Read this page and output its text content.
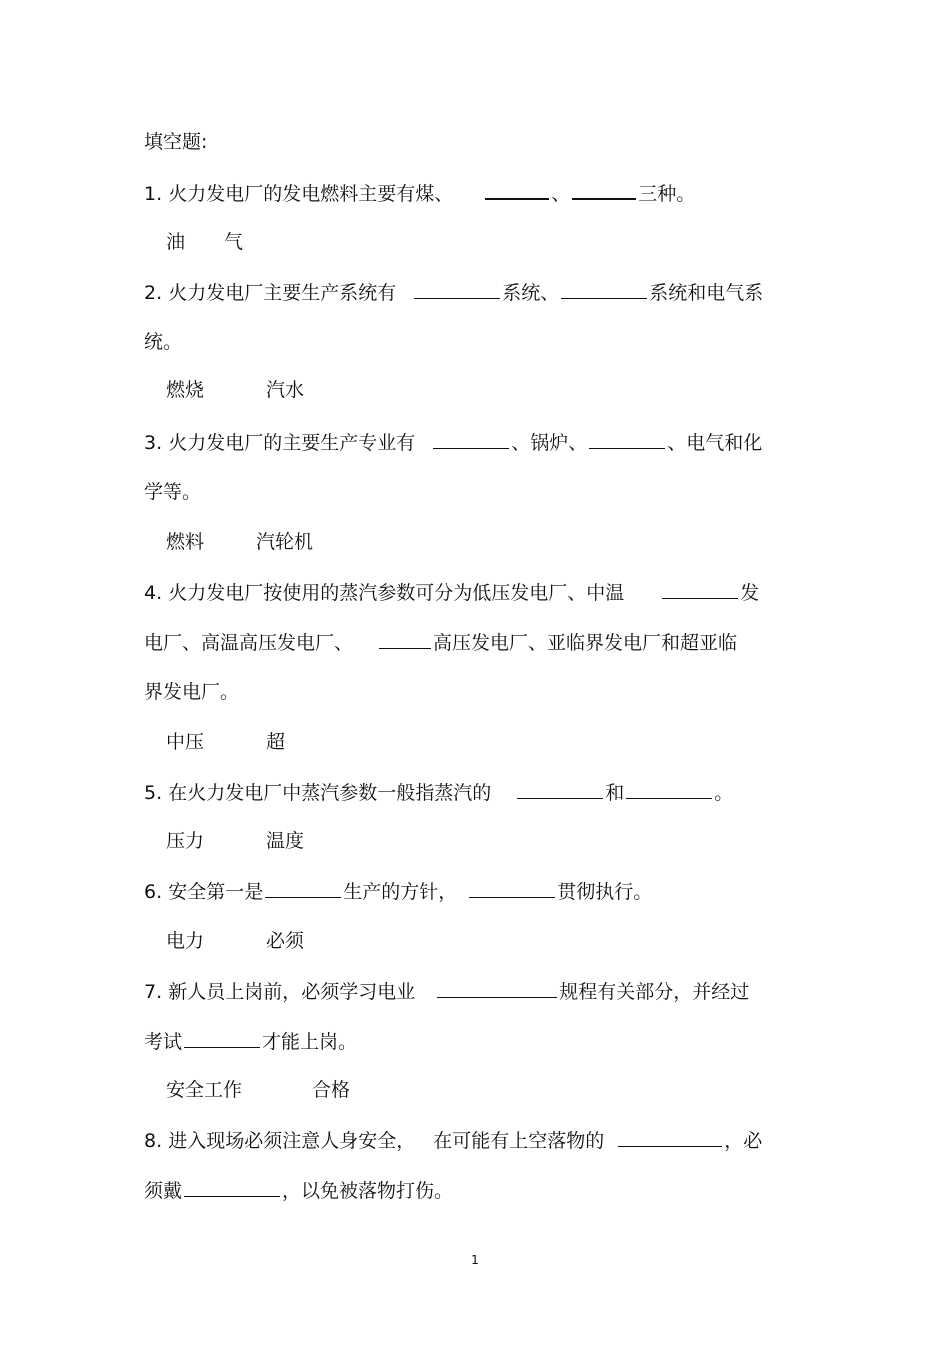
填空题:
1. 火力发电厂的发电燃料主要有煤、	、	三种。
油 气
2. 火力发电厂主要生产系统有	系统、	系统和电气系
统。
燃烧	汽水
3. 火力发电厂的主要生产专业有	、锅炉、	、电气和化
学等。
燃料	汽轮机
4. 火力发电厂按使用的蒸汽参数可分为低压发电厂、中温	发
电厂、高温高压发电厂、	高压发电厂、亚临界发电厂和超亚临
界发电厂。
中压	超
5. 在火力发电厂中蒸汽参数一般指蒸汽的	和	。
压力	温度
6. 安全第一是	生产的方针，	贯彻执行。
电力	必须
7. 新人员上岗前，必须学习电业	规程有关部分，并经过
考试	才能上岗。
安全工作	合格
8. 进入现场必须注意人身安全， 在可能有上空落物的	，必
须戴	，以免被落物打伤。
1
